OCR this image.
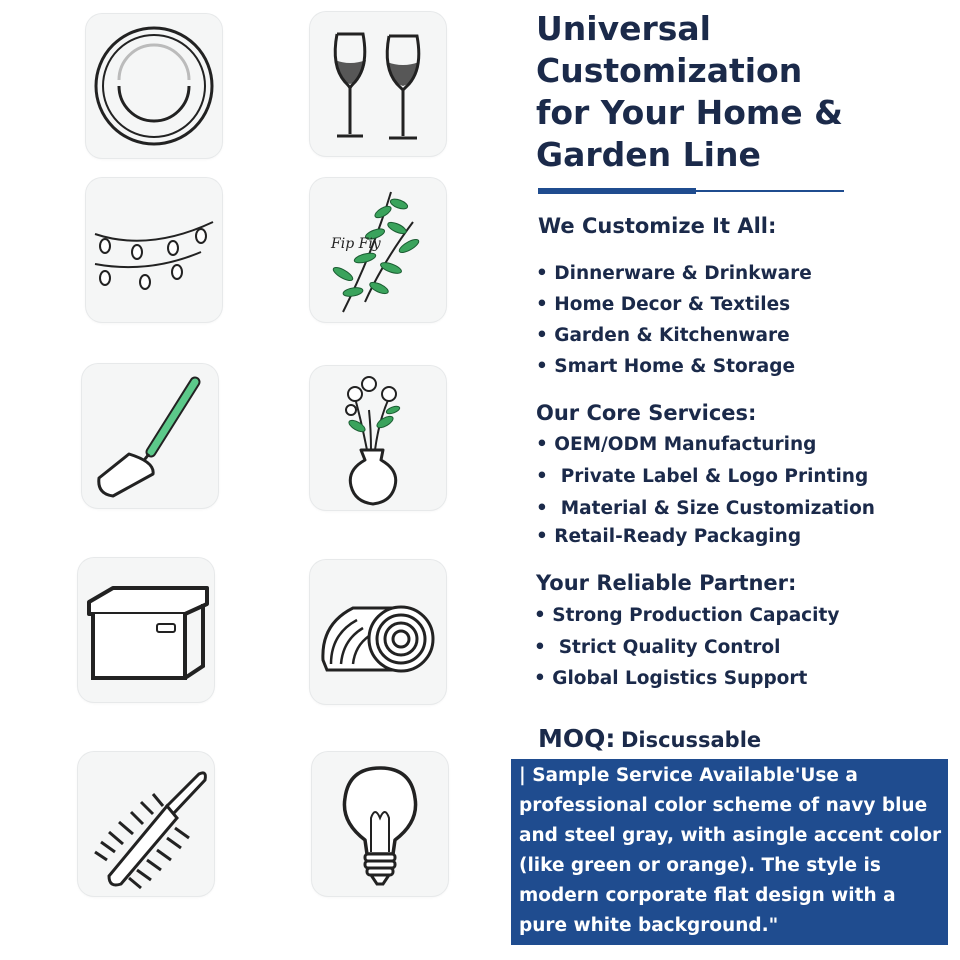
Fip Fiy
Universal
Customization
for Your Home &
Garden Line
We Customize It All:
• Dinnerware & Drinkware
• Home Decor & Textiles
• Garden & Kitchenware
• Smart Home & Storage
Our Core Services:
• OEM/ODM Manufacturing
•  Private Label & Logo Printing
•  Material & Size Customization
• Retail-Ready Packaging
Your Reliable Partner:
• Strong Production Capacity
•  Strict Quality Control
• Global Logistics Support
MOQ: Discussable
| Sample Service Available'Use a professional color scheme of navy blue and steel gray, with asingle accent color (like green or orange). The style is modern corporate flat design with a pure white background."
